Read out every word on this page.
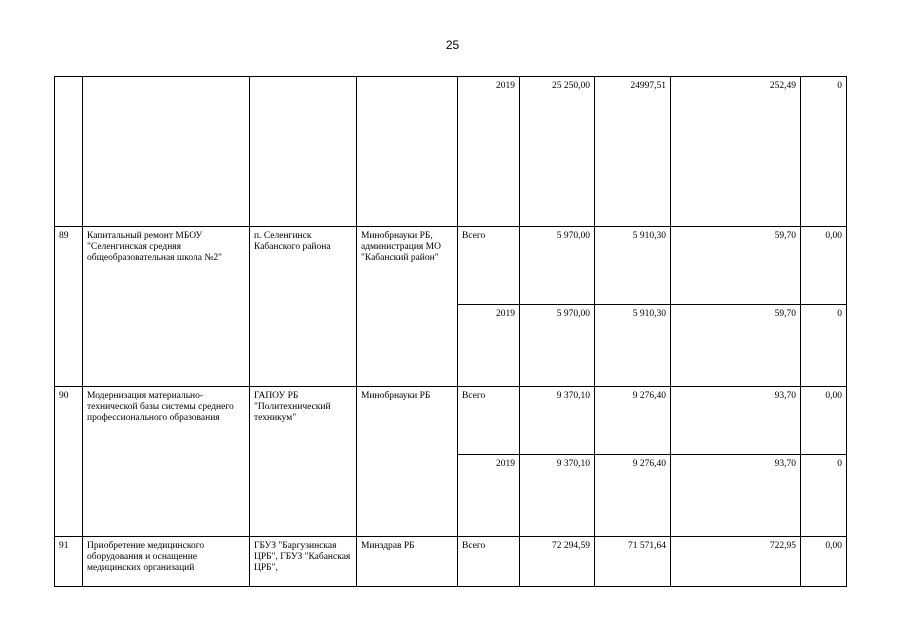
25
				2019	25 250,00	24997,51	252,49	0
89	Капитальный ремонт МБОУ "Селенгинская средняя общеобразовательная школа №2"	п. Селенгинск Кабанского района	Минобрнауки РБ, администрация МО "Кабанский район"	Всего	5 970,00	5 910,30	59,70	0,00
				2019	5 970,00	5 910,30	59,70	0
90	Модернизация материально-технической базы системы среднего профессионального образования	ГАПОУ РБ "Политехнический техникум"	Минобрнауки РБ	Всего	9 370,10	9 276,40	93,70	0,00
				2019	9 370,10	9 276,40	93,70	0
91	Приобретение медицинского оборудования и оснащение медицинских организаций	ГБУЗ "Баргузинская ЦРБ", ГБУЗ "Кабанская ЦРБ",	Минздрав РБ	Всего	72 294,59	71 571,64	722,95	0,00
